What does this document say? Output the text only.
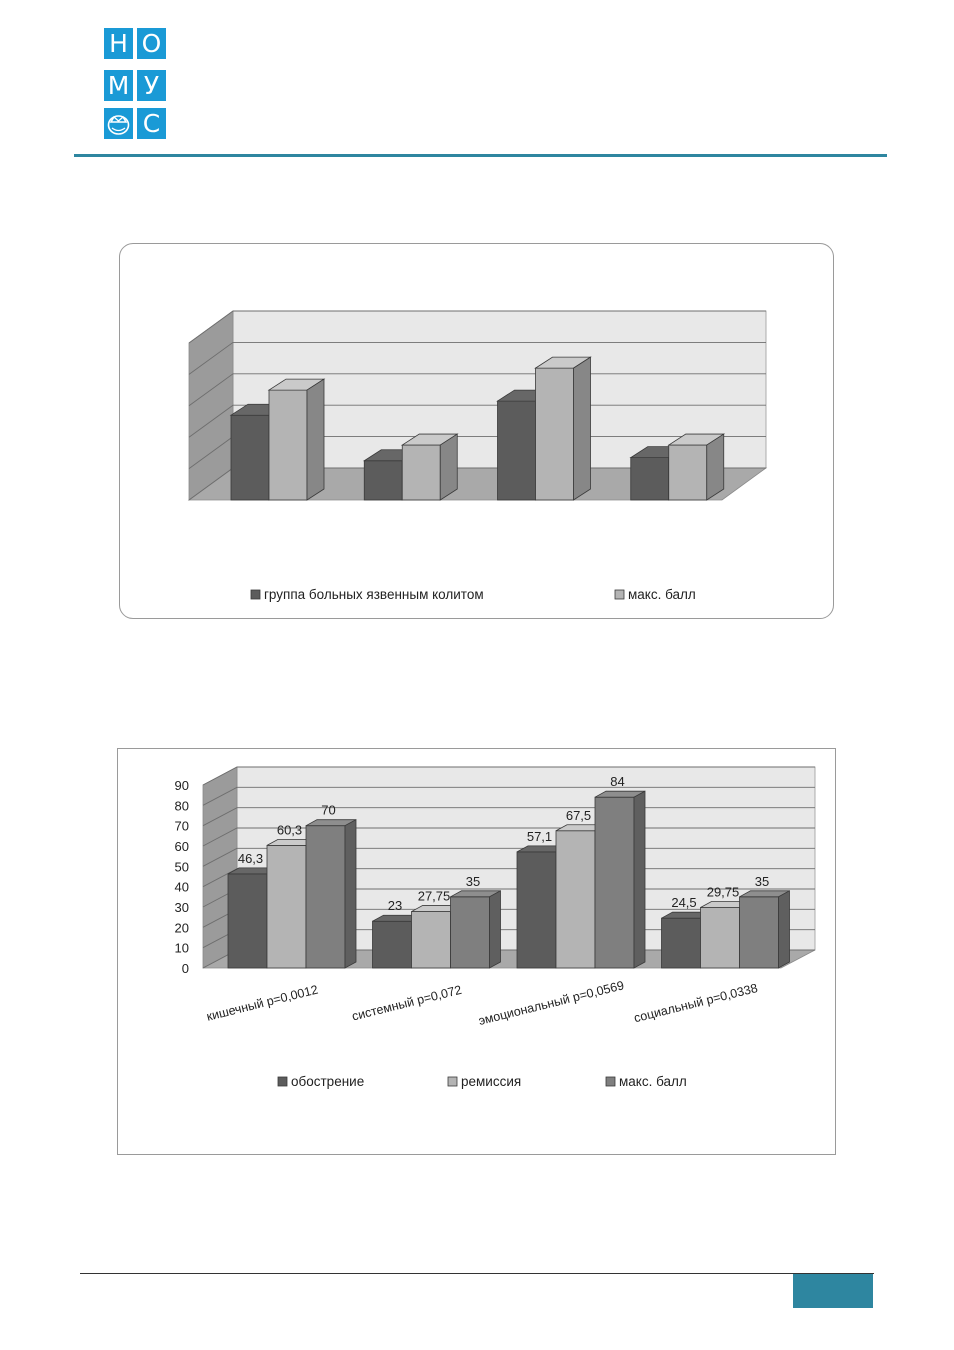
Н О
М У
С
группа больных язвенным колитом	макс. балл
0
10
20
30
40
50
60
70
80
90
46,3
23
57,1
24,5
60,3
27,75
67,5
29,75
70
35
84
35
кишечный р=0,0012 системный р=0,072 эмоциональный р=0,0569 социальный р=0,0338
обострение	ремиссия	макс. балл
